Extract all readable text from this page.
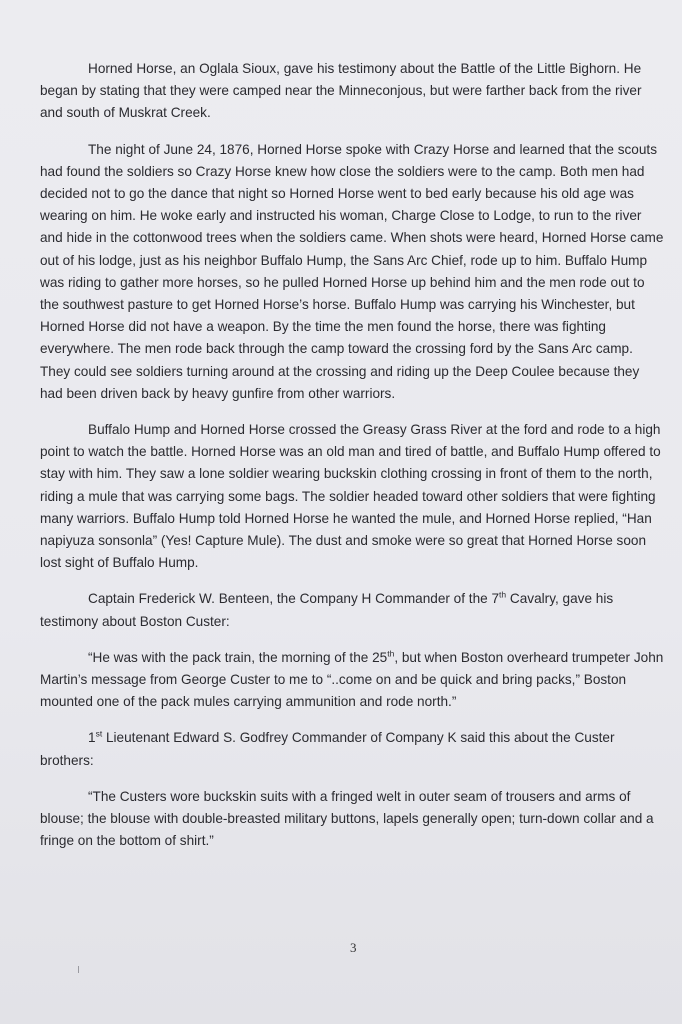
Horned Horse, an Oglala Sioux, gave his testimony about the Battle of the Little Bighorn. He began by stating that they were camped near the Minneconjous, but were farther back from the river and south of Muskrat Creek.

The night of June 24, 1876, Horned Horse spoke with Crazy Horse and learned that the scouts had found the soldiers so Crazy Horse knew how close the soldiers were to the camp. Both men had decided not to go the dance that night so Horned Horse went to bed early because his old age was wearing on him. He woke early and instructed his woman, Charge Close to Lodge, to run to the river and hide in the cottonwood trees when the soldiers came. When shots were heard, Horned Horse came out of his lodge, just as his neighbor Buffalo Hump, the Sans Arc Chief, rode up to him. Buffalo Hump was riding to gather more horses, so he pulled Horned Horse up behind him and the men rode out to the southwest pasture to get Horned Horse’s horse. Buffalo Hump was carrying his Winchester, but Horned Horse did not have a weapon. By the time the men found the horse, there was fighting everywhere. The men rode back through the camp toward the crossing ford by the Sans Arc camp. They could see soldiers turning around at the crossing and riding up the Deep Coulee because they had been driven back by heavy gunfire from other warriors.

Buffalo Hump and Horned Horse crossed the Greasy Grass River at the ford and rode to a high point to watch the battle. Horned Horse was an old man and tired of battle, and Buffalo Hump offered to stay with him. They saw a lone soldier wearing buckskin clothing crossing in front of them to the north, riding a mule that was carrying some bags. The soldier headed toward other soldiers that were fighting many warriors. Buffalo Hump told Horned Horse he wanted the mule, and Horned Horse replied, “Han napiyuza sonsonla” (Yes! Capture Mule). The dust and smoke were so great that Horned Horse soon lost sight of Buffalo Hump.

Captain Frederick W. Benteen, the Company H Commander of the 7th Cavalry, gave his testimony about Boston Custer:

“He was with the pack train, the morning of the 25th, but when Boston overheard trumpeter John Martin’s message from George Custer to me to “..come on and be quick and bring packs,” Boston mounted one of the pack mules carrying ammunition and rode north.”

1st Lieutenant Edward S. Godfrey Commander of Company K said this about the Custer brothers:

“The Custers wore buckskin suits with a fringed welt in outer seam of trousers and arms of blouse; the blouse with double-breasted military buttons, lapels generally open; turn-down collar and a fringe on the bottom of shirt.”

3
